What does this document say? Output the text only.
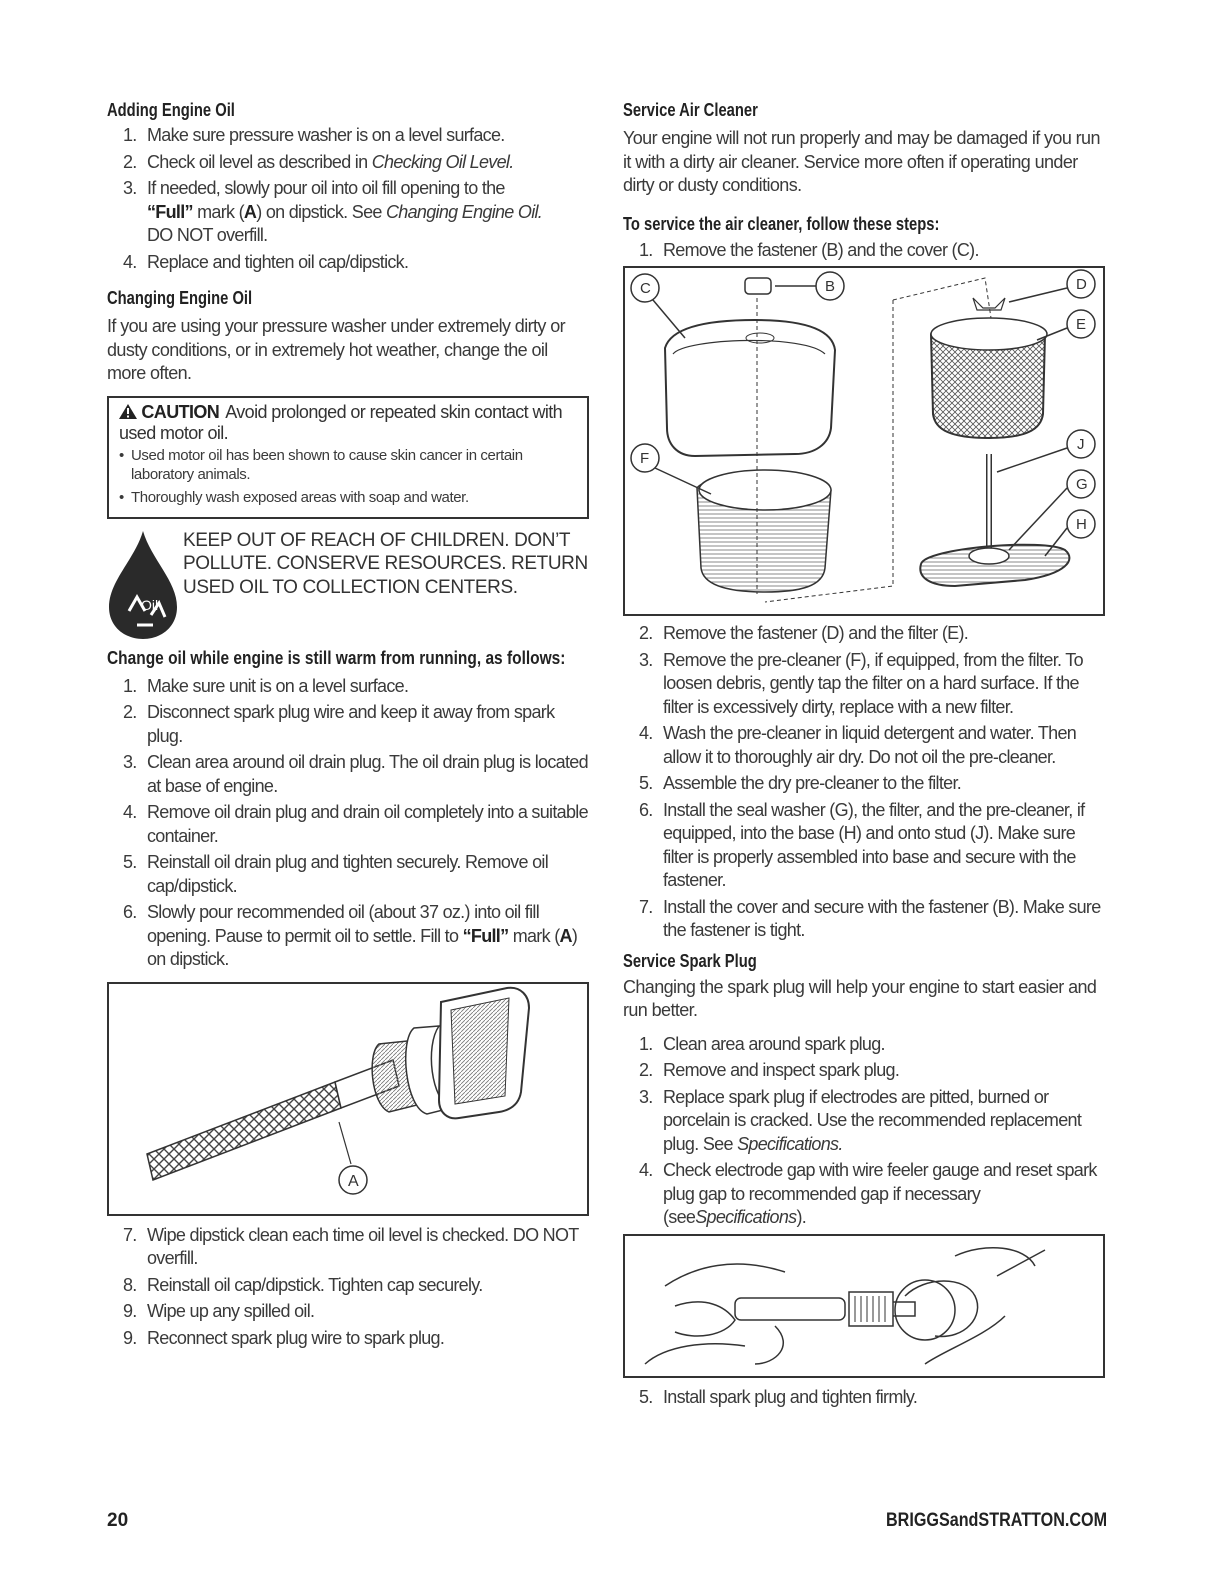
Adding Engine Oil
1. Make sure pressure washer is on a level surface.
2. Check oil level as described in Checking Oil Level.
3. If needed, slowly pour oil into oil fill opening to the
“Full” mark (A) on dipstick. See Changing Engine Oil.
DO NOT overfill.
4. Replace and tighten oil cap/dipstick.
Changing Engine Oil

If you are using your pressure washer under extremely dirty or dusty conditions, or in extremely hot weather, change the oil more often.

CAUTION Avoid prolonged or repeated skin contact with used motor oil.
• Used motor oil has been shown to cause skin cancer in certain laboratory animals.
• Thoroughly wash exposed areas with soap and water.
Oil
KEEP OUT OF REACH OF CHILDREN. DON’T POLLUTE. CONSERVE RESOURCES. RETURN USED OIL TO COLLECTION CENTERS.
Change oil while engine is still warm from running, as follows:
1. Make sure unit is on a level surface.
2. Disconnect spark plug wire and keep it away from spark plug.
3. Clean area around oil drain plug. The oil drain plug is located at base of engine.
4. Remove oil drain plug and drain oil completely into a suitable container.
5. Reinstall oil drain plug and tighten securely. Remove oil cap/dipstick.
6. Slowly pour recommended oil (about 37 oz.) into oil fill opening. Pause to permit oil to settle. Fill to “Full” mark (A) on dipstick.
A
7. Wipe dipstick clean each time oil level is checked. DO NOT overfill.
8. Reinstall oil cap/dipstick. Tighten cap securely.
9. Wipe up any spilled oil.
9. Reconnect spark plug wire to spark plug.
Service Air Cleaner

Your engine will not run properly and may be damaged if you run it with a dirty air cleaner. Service more often if operating under dirty or dusty conditions.

To service the air cleaner, follow these steps:
1. Remove the fastener (B) and the cover (C).
C	B	D
E
F
J
G
H
2. Remove the fastener (D) and the filter (E).
3. Remove the pre-cleaner (F), if equipped, from the filter. To loosen debris, gently tap the filter on a hard surface. If the filter is excessively dirty, replace with a new filter.
4. Wash the pre-cleaner in liquid detergent and water. Then allow it to thoroughly air dry. Do not oil the pre-cleaner.
5. Assemble the dry pre-cleaner to the filter.
6. Install the seal washer (G), the filter, and the pre-cleaner, if equipped, into the base (H) and onto stud (J). Make sure filter is properly assembled into base and secure with the fastener.
7. Install the cover and secure with the fastener (B). Make sure the fastener is tight.
Service Spark Plug

Changing the spark plug will help your engine to start easier and run better.

1. Clean area around spark plug.
2. Remove and inspect spark plug.
3. Replace spark plug if electrodes are pitted, burned or porcelain is cracked. Use the recommended replacement plug. See Specifications.
4. Check electrode gap with wire feeler gauge and reset spark plug gap to recommended gap if necessary (seeSpecifications).
5. Install spark plug and tighten firmly.
20	BRIGGSandSTRATTON.COM
